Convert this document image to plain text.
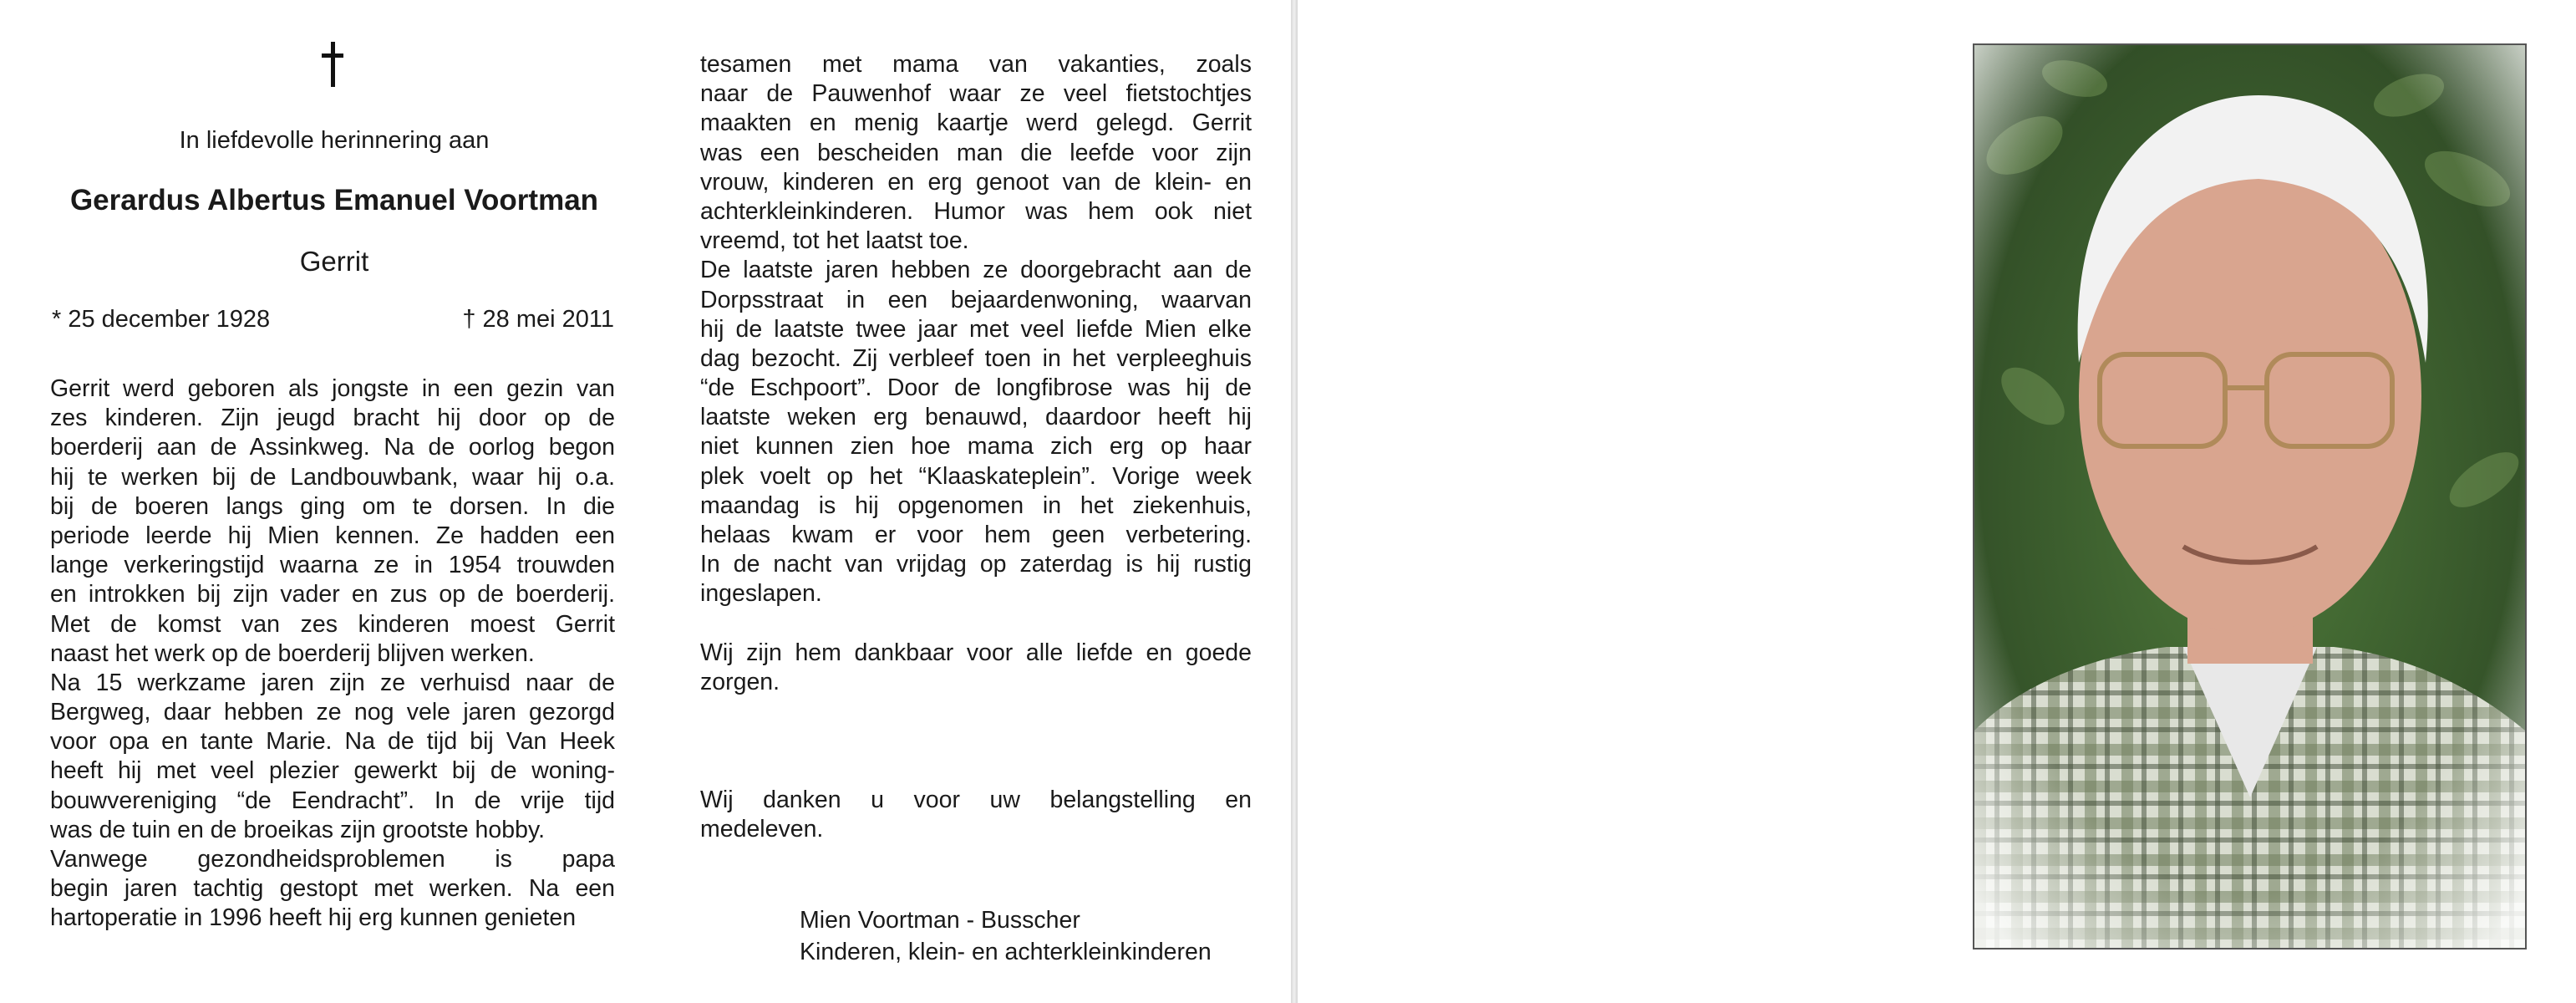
In liefdevolle herinnering aan
Gerardus Albertus Emanuel Voortman
Gerrit
* 25 december 1928	† 28 mei 2011
Gerrit werd geboren als jongste in een gezin van
zes kinderen. Zijn jeugd bracht hij door op de
boerderij aan de Assinkweg. Na de oorlog begon
hij te werken bij de Landbouwbank, waar hij o.a.
bij de boeren langs ging om te dorsen. In die
periode leerde hij Mien kennen. Ze hadden een
lange verkeringstijd waarna ze in 1954 trouwden
en introkken bij zijn vader en zus op de boerderij.
Met de komst van zes kinderen moest Gerrit
naast het werk op de boerderij blijven werken.
Na 15 werkzame jaren zijn ze verhuisd naar de
Bergweg, daar hebben ze nog vele jaren gezorgd
voor opa en tante Marie. Na de tijd bij Van Heek
heeft hij met veel plezier gewerkt bij de woning-
bouwvereniging “de Eendracht”. In de vrije tijd
was de tuin en de broeikas zijn grootste hobby.
Vanwege gezondheidsproblemen is papa
begin jaren tachtig gestopt met werken. Na een
hartoperatie in 1996 heeft hij erg kunnen genieten
tesamen met mama van vakanties, zoals
naar de Pauwenhof waar ze veel fietstochtjes
maakten en menig kaartje werd gelegd. Gerrit
was een bescheiden man die leefde voor zijn
vrouw, kinderen en erg genoot van de klein- en
achterkleinkinderen. Humor was hem ook niet
vreemd, tot het laatst toe.
De laatste jaren hebben ze doorgebracht aan de
Dorpsstraat in een bejaardenwoning, waarvan
hij de laatste twee jaar met veel liefde Mien elke
dag bezocht. Zij verbleef toen in het verpleeghuis
“de Eschpoort”. Door de longfibrose was hij de
laatste weken erg benauwd, daardoor heeft hij
niet kunnen zien hoe mama zich erg op haar
plek voelt op het “Klaaskateplein”. Vorige week
maandag is hij opgenomen in het ziekenhuis,
helaas kwam er voor hem geen verbetering.
In de nacht van vrijdag op zaterdag is hij rustig
ingeslapen.

Wij zijn hem dankbaar voor alle liefde en goede
zorgen.

Wij danken u voor uw belangstelling en
medeleven.
Mien Voortman - Busscher
Kinderen, klein- en achterkleinkinderen
